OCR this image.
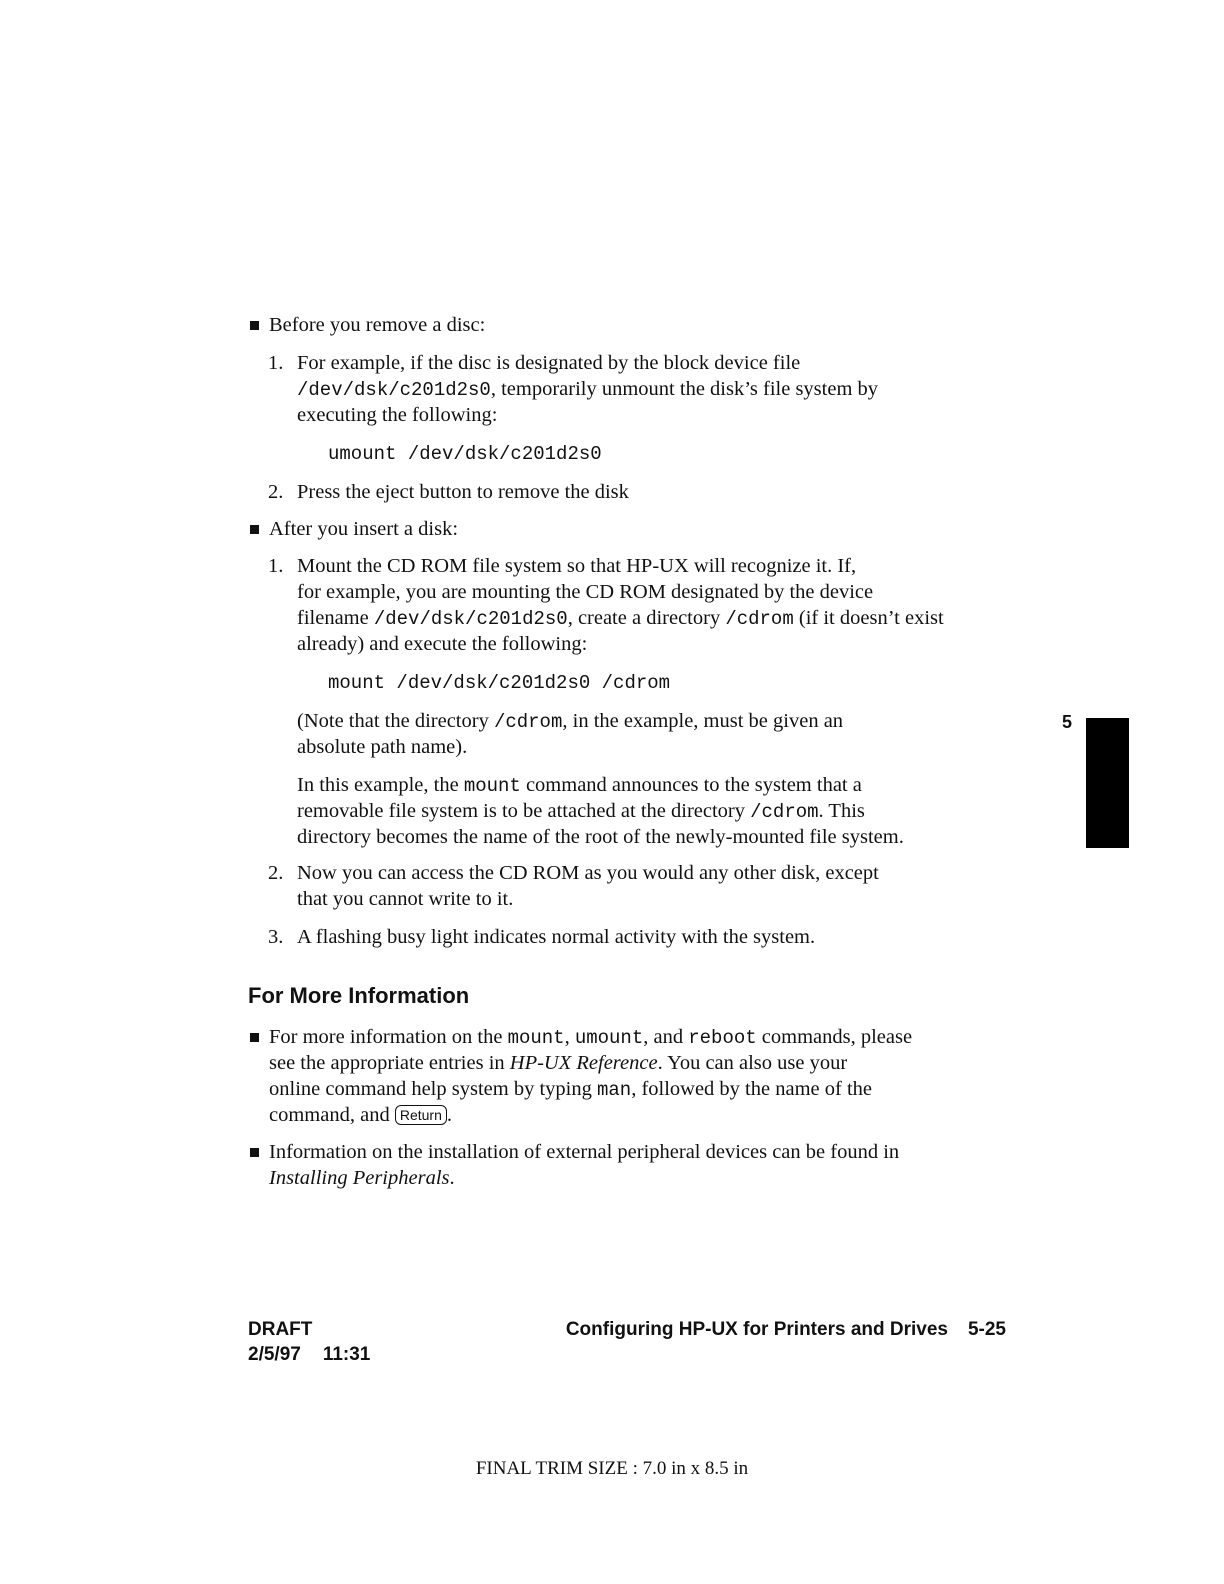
Before you remove a disc:
1. For example, if the disc is designated by the block device file
/dev/dsk/c201d2s0, temporarily unmount the disk’s file system by
executing the following:
umount /dev/dsk/c201d2s0
2. Press the eject button to remove the disk
After you insert a disk:
1. Mount the CD ROM file system so that HP-UX will recognize it. If,
for example, you are mounting the CD ROM designated by the device
filename /dev/dsk/c201d2s0, create a directory /cdrom (if it doesn’t exist
already) and execute the following:
mount /dev/dsk/c201d2s0 /cdrom
(Note that the directory /cdrom, in the example, must be given an
absolute path name).
In this example, the mount command announces to the system that a
removable file system is to be attached at the directory /cdrom. This
directory becomes the name of the root of the newly-mounted file system.
2. Now you can access the CD ROM as you would any other disk, except
that you cannot write to it.
3. A flashing busy light indicates normal activity with the system.
For More Information
For more information on the mount, umount, and reboot commands, please
see the appropriate entries in HP-UX Reference. You can also use your
online command help system by typing man, followed by the name of the
command, and Return .
Information on the installation of external peripheral devices can be found in
Installing Peripherals.
5
DRAFT
2/5/97 11:31
Configuring HP-UX for Printers and Drives 5-25
FINAL TRIM SIZE : 7.0 in x 8.5 in
